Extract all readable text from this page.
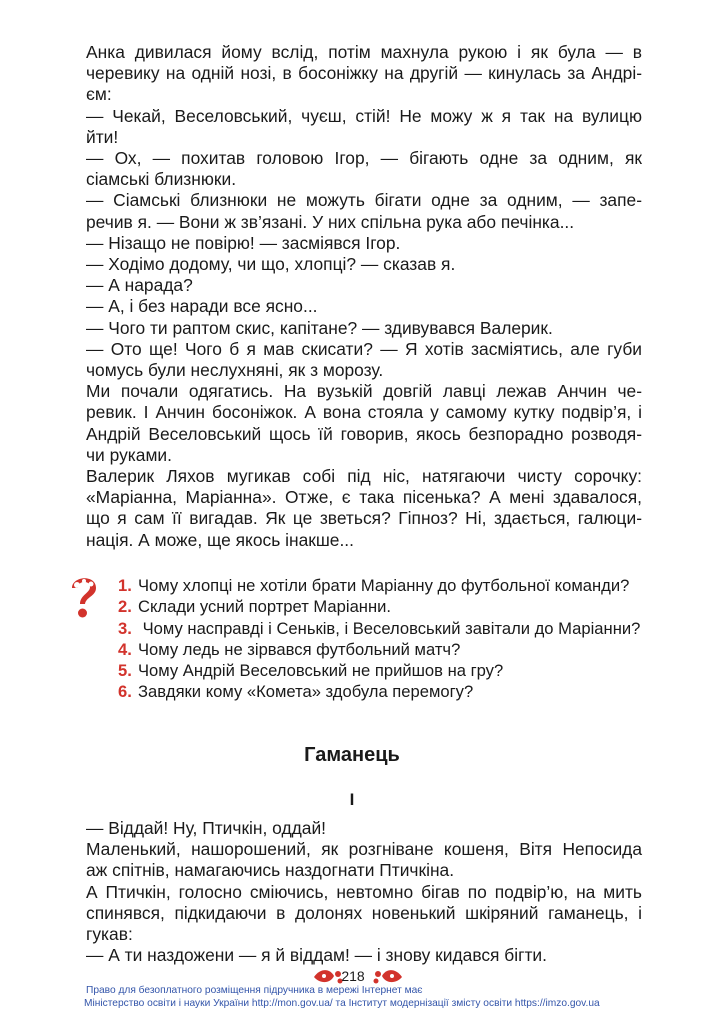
Анка дивилася йому вслід, потім махнула рукою і як була — в
черевику на одній нозі, в босоніжку на другій — кинулась за Андрі-
єм:
— Чекай, Веселовський, чуєш, стій! Не можу ж я так на вулицю
йти!
— Ох, — похитав головою Ігор, — бігають одне за одним, як
сіамські близнюки.
— Сіамські близнюки не можуть бігати одне за одним, — запе-
речив я. — Вони ж зв’язані. У них спільна рука або печінка...
— Нізащо не повірю! — засміявся Ігор.
— Ходімо додому, чи що, хлопці? — сказав я.
— А нарада?
— А, і без наради все ясно...
— Чого ти раптом скис, капітане? — здивувався Валерик.
— Ото ще! Чого б я мав скисати? — Я хотів засміятись, але губи
чомусь були неслухняні, як з морозу.
Ми почали одягатись. На вузькій довгій лавці лежав Анчин че-
ревик. І Анчин босоніжок. А вона стояла у самому кутку подвір’я, і
Андрій Веселовський щось їй говорив, якось безпорадно розводя-
чи руками.
Валерик Ляхов мугикав собі під ніс, натягаючи чисту сорочку:
«Маріанна, Маріанна». Отже, є така пісенька? А мені здавалося,
що я сам її вигадав. Як це зветься? Гіпноз? Ні, здається, галюци-
нація. А може, ще якось інакше...
1. Чому хлопці не хотіли брати Маріанну до футбольної команди?
2. Склади усний портрет Маріанни.
3. Чому насправді і Сеньків, і Веселовський завітали до Маріанни?
4. Чому ледь не зірвався футбольний матч?
5. Чому Андрій Веселовський не прийшов на гру?
6. Завдяки кому «Комета» здобула перемогу?
Гаманець
I
— Віддай! Ну, Птичкін, оддай!
Маленький, нашорошений, як розгніване кошеня, Вітя Непосида
аж спітнів, намагаючись наздогнати Птичкіна.
А Птичкін, голосно сміючись, невтомно бігав по подвір’ю, на мить
спинявся, підкидаючи в долонях новенький шкіряний гаманець, і
гукав:
— А ти наздожени — я й віддам! — і знову кидався бігти.
218
Право для безоплатного розміщення підручника в мережі Інтернет має
Міністерство освіти і науки України http://mon.gov.ua/ та Інститут модернізації змісту освіти https://imzo.gov.ua
